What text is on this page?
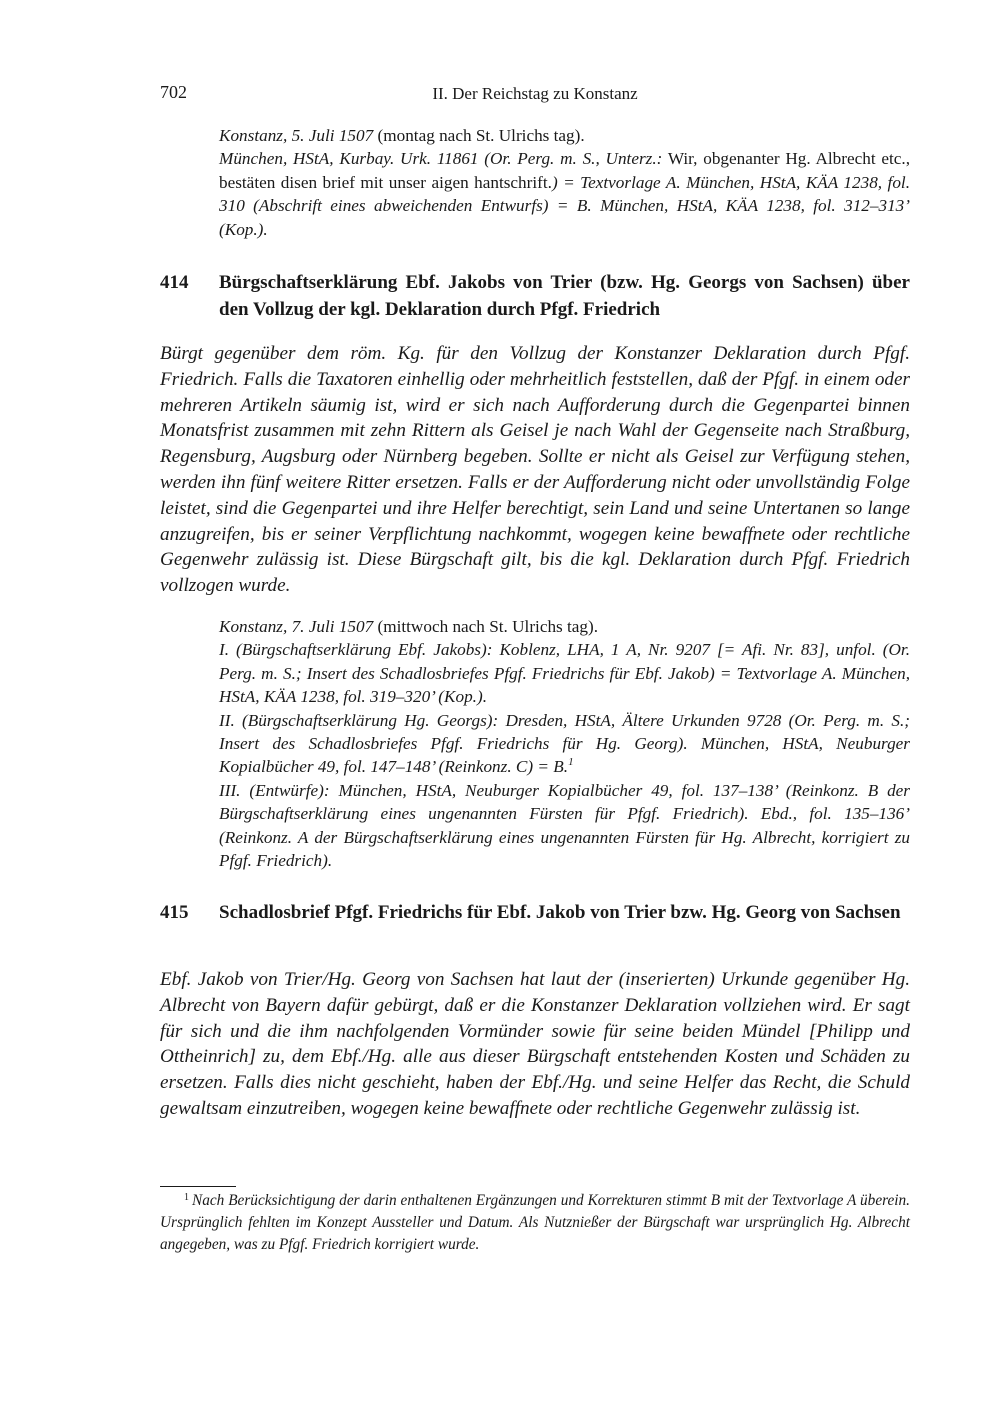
702	II. Der Reichstag zu Konstanz

Konstanz, 5. Juli 1507 (montag nach St. Ulrichs tag).

München, HStA, Kurbay. Urk. 11861 (Or. Perg. m. S., Unterz.: Wir, obgenanter Hg. Albrecht etc., bestäten disen brief mit unser aigen hantschrift.) = Textvorlage A. München, HStA, KÄA 1238, fol. 310 (Abschrift eines abweichenden Entwurfs) = B. München, HStA, KÄA 1238, fol. 312–313’ (Kop.).

414	Bürgschaftserklärung Ebf. Jakobs von Trier (bzw. Hg. Georgs von Sachsen) über den Vollzug der kgl. Deklaration durch Pfgf. Friedrich

Bürgt gegenüber dem röm. Kg. für den Vollzug der Konstanzer Deklaration durch Pfgf. Friedrich. Falls die Taxatoren einhellig oder mehrheitlich feststellen, daß der Pfgf. in einem oder mehreren Artikeln säumig ist, wird er sich nach Aufforderung durch die Gegenpartei binnen Monatsfrist zusammen mit zehn Rittern als Geisel je nach Wahl der Gegenseite nach Straßburg, Regensburg, Augsburg oder Nürnberg begeben. Sollte er nicht als Geisel zur Verfügung stehen, werden ihn fünf weitere Ritter ersetzen. Falls er der Aufforderung nicht oder unvollständig Folge leistet, sind die Gegenpartei und ihre Helfer berechtigt, sein Land und seine Untertanen so lange anzugreifen, bis er seiner Verpflichtung nachkommt, wogegen keine bewaffnete oder rechtliche Gegenwehr zulässig ist. Diese Bürgschaft gilt, bis die kgl. Deklaration durch Pfgf. Friedrich vollzogen wurde.

Konstanz, 7. Juli 1507 (mittwoch nach St. Ulrichs tag).

I. (Bürgschaftserklärung Ebf. Jakobs): Koblenz, LHA, 1 A, Nr. 9207 [= Afi. Nr. 83], unfol. (Or. Perg. m. S.; Insert des Schadlosbriefes Pfgf. Friedrichs für Ebf. Jakob) = Textvorlage A. München, HStA, KÄA 1238, fol. 319–320’ (Kop.).

II. (Bürgschaftserklärung Hg. Georgs): Dresden, HStA, Ältere Urkunden 9728 (Or. Perg. m. S.; Insert des Schadlosbriefes Pfgf. Friedrichs für Hg. Georg). München, HStA, Neuburger Kopialbücher 49, fol. 147–148’ (Reinkonz. C) = B.$^1$

III. (Entwürfe): München, HStA, Neuburger Kopialbücher 49, fol. 137–138’ (Reinkonz. B der Bürgschaftserklärung eines ungenannten Fürsten für Pfgf. Friedrich). Ebd., fol. 135–136’ (Reinkonz. A der Bürgschaftserklärung eines ungenannten Fürsten für Hg. Albrecht, korrigiert zu Pfgf. Friedrich).

415	Schadlosbrief Pfgf. Friedrichs für Ebf. Jakob von Trier bzw. Hg. Georg von Sachsen

Ebf. Jakob von Trier/Hg. Georg von Sachsen hat laut der (inserierten) Urkunde gegenüber Hg. Albrecht von Bayern dafür gebürgt, daß er die Konstanzer Deklaration vollziehen wird. Er sagt für sich und die ihm nachfolgenden Vormünder sowie für seine beiden Mündel [Philipp und Ottheinrich] zu, dem Ebf./Hg. alle aus dieser Bürgschaft entstehenden Kosten und Schäden zu ersetzen. Falls dies nicht geschieht, haben der Ebf./Hg. und seine Helfer das Recht, die Schuld gewaltsam einzutreiben, wogegen keine bewaffnete oder rechtliche Gegenwehr zulässig ist.

$^1$ Nach Berücksichtigung der darin enthaltenen Ergänzungen und Korrekturen stimmt B mit der Textvorlage A überein. Ursprünglich fehlten im Konzept Aussteller und Datum. Als Nutznießer der Bürgschaft war ursprünglich Hg. Albrecht angegeben, was zu Pfgf. Friedrich korrigiert wurde.
